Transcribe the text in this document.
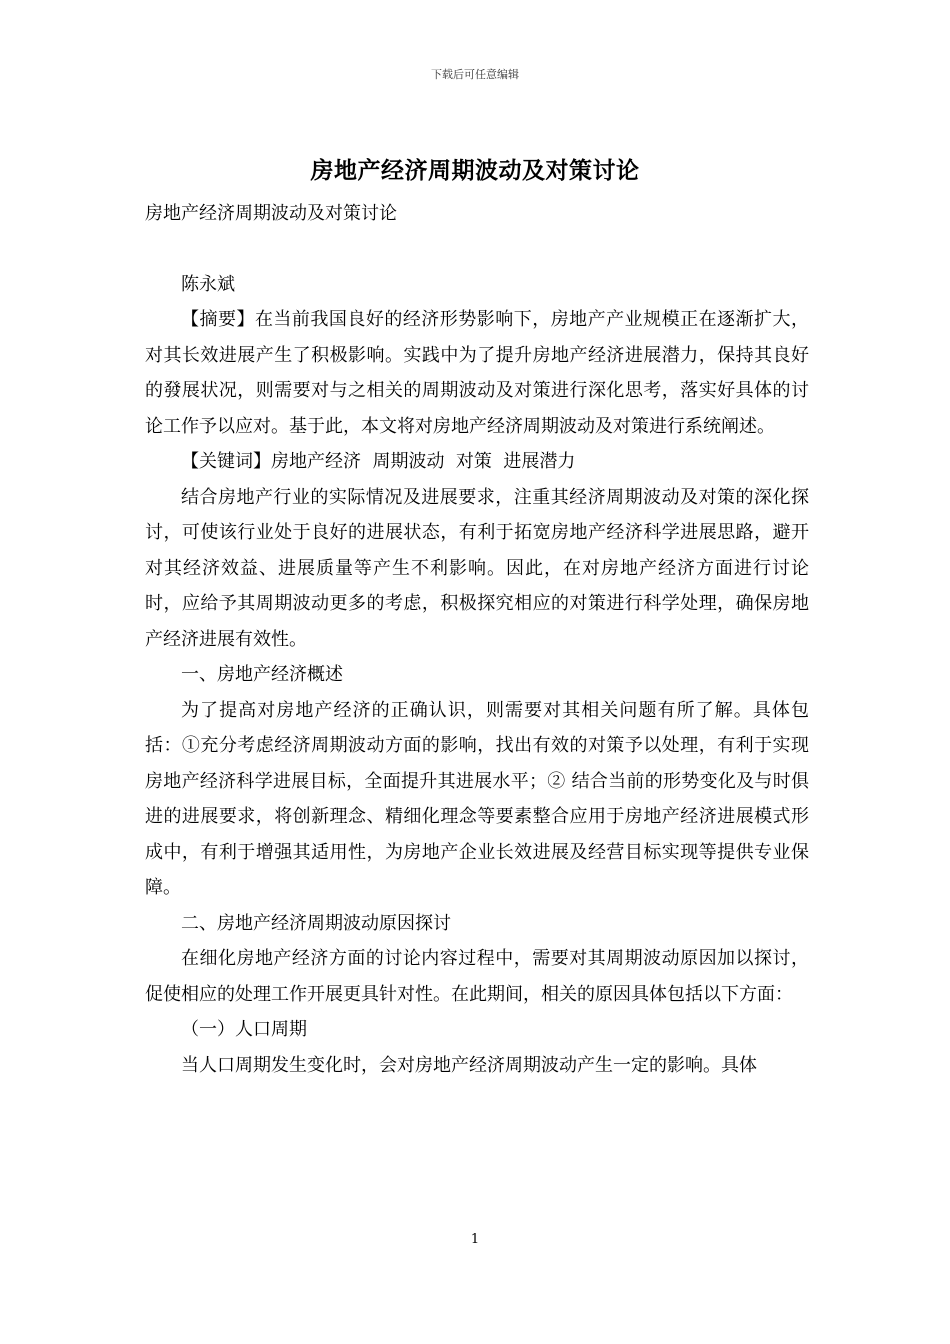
下载后可任意编辑
房地产经济周期波动及对策讨论

房地产经济周期波动及对策讨论

陈永斌

【摘要】在当前我国良好的经济形势影响下，房地产产业规模正在逐渐扩大，对其长效进展产生了积极影响。实践中为了提升房地产经济进展潜力，保持其良好的發展状况，则需要对与之相关的周期波动及对策进行深化思考，落实好具体的讨论工作予以应对。基于此，本文将对房地产经济周期波动及对策进行系统阐述。

【关键词】房地产经济  周期波动  对策  进展潜力

结合房地产行业的实际情况及进展要求，注重其经济周期波动及对策的深化探讨，可使该行业处于良好的进展状态，有利于拓宽房地产经济科学进展思路，避开对其经济效益、进展质量等产生不利影响。因此，在对房地产经济方面进行讨论时，应给予其周期波动更多的考虑，积极探究相应的对策进行科学处理，确保房地产经济进展有效性。

一、房地产经济概述

为了提高对房地产经济的正确认识，则需要对其相关问题有所了解。具体包括：①充分考虑经济周期波动方面的影响，找出有效的对策予以处理，有利于实现房地产经济科学进展目标，全面提升其进展水平；② 结合当前的形势变化及与时俱进的进展要求，将创新理念、精细化理念等要素整合应用于房地产经济进展模式形成中，有利于增强其适用性，为房地产企业长效进展及经营目标实现等提供专业保障。

二、房地产经济周期波动原因探讨

在细化房地产经济方面的讨论内容过程中，需要对其周期波动原因加以探讨，促使相应的处理工作开展更具针对性。在此期间，相关的原因具体包括以下方面：

（一）人口周期

当人口周期发生变化时，会对房地产经济周期波动产生一定的影响。具体

1
